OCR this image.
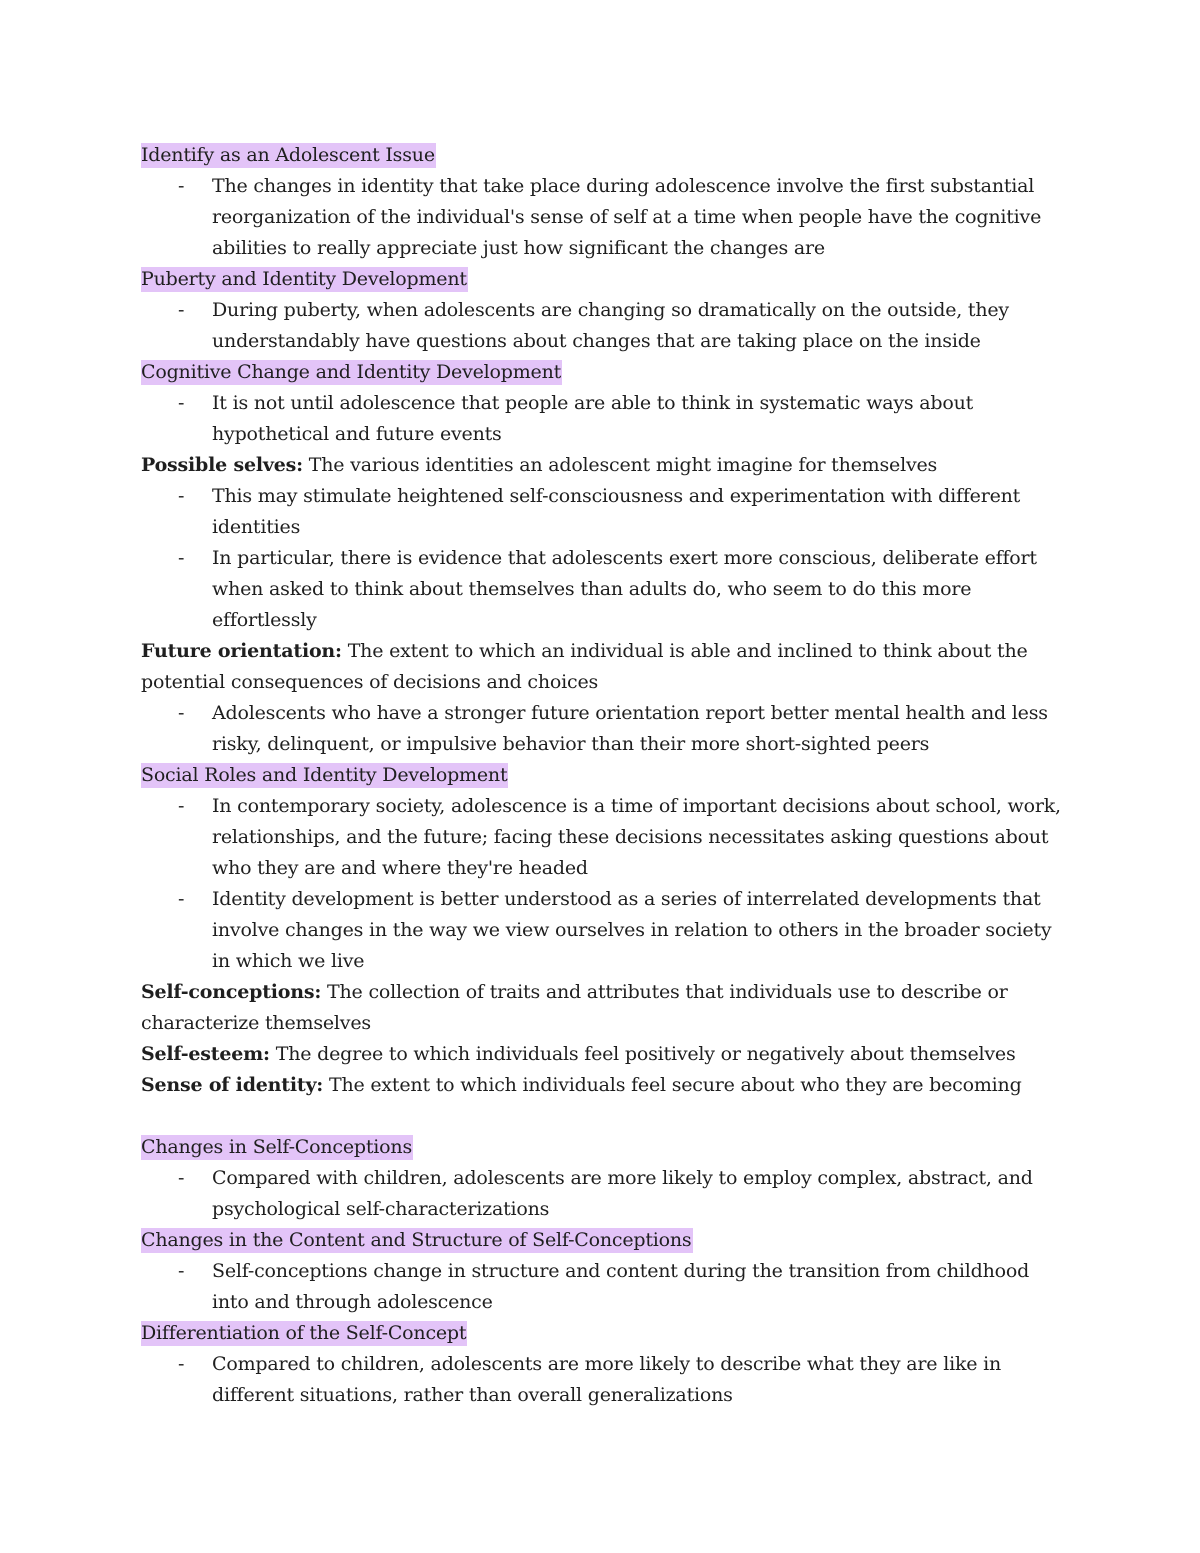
Identify as an Adolescent Issue
- The changes in identity that take place during adolescence involve the first substantial reorganization of the individual's sense of self at a time when people have the cognitive abilities to really appreciate just how significant the changes are
Puberty and Identity Development
- During puberty, when adolescents are changing so dramatically on the outside, they understandably have questions about changes that are taking place on the inside
Cognitive Change and Identity Development
- It is not until adolescence that people are able to think in systematic ways about hypothetical and future events
Possible selves: The various identities an adolescent might imagine for themselves
- This may stimulate heightened self-consciousness and experimentation with different identities
- In particular, there is evidence that adolescents exert more conscious, deliberate effort when asked to think about themselves than adults do, who seem to do this more effortlessly
Future orientation: The extent to which an individual is able and inclined to think about the potential consequences of decisions and choices
- Adolescents who have a stronger future orientation report better mental health and less risky, delinquent, or impulsive behavior than their more short-sighted peers
Social Roles and Identity Development
- In contemporary society, adolescence is a time of important decisions about school, work, relationships, and the future; facing these decisions necessitates asking questions about who they are and where they're headed
- Identity development is better understood as a series of interrelated developments that involve changes in the way we view ourselves in relation to others in the broader society in which we live
Self-conceptions: The collection of traits and attributes that individuals use to describe or characterize themselves
Self-esteem: The degree to which individuals feel positively or negatively about themselves
Sense of identity: The extent to which individuals feel secure about who they are becoming
Changes in Self-Conceptions
- Compared with children, adolescents are more likely to employ complex, abstract, and psychological self-characterizations
Changes in the Content and Structure of Self-Conceptions
- Self-conceptions change in structure and content during the transition from childhood into and through adolescence
Differentiation of the Self-Concept
- Compared to children, adolescents are more likely to describe what they are like in different situations, rather than overall generalizations
